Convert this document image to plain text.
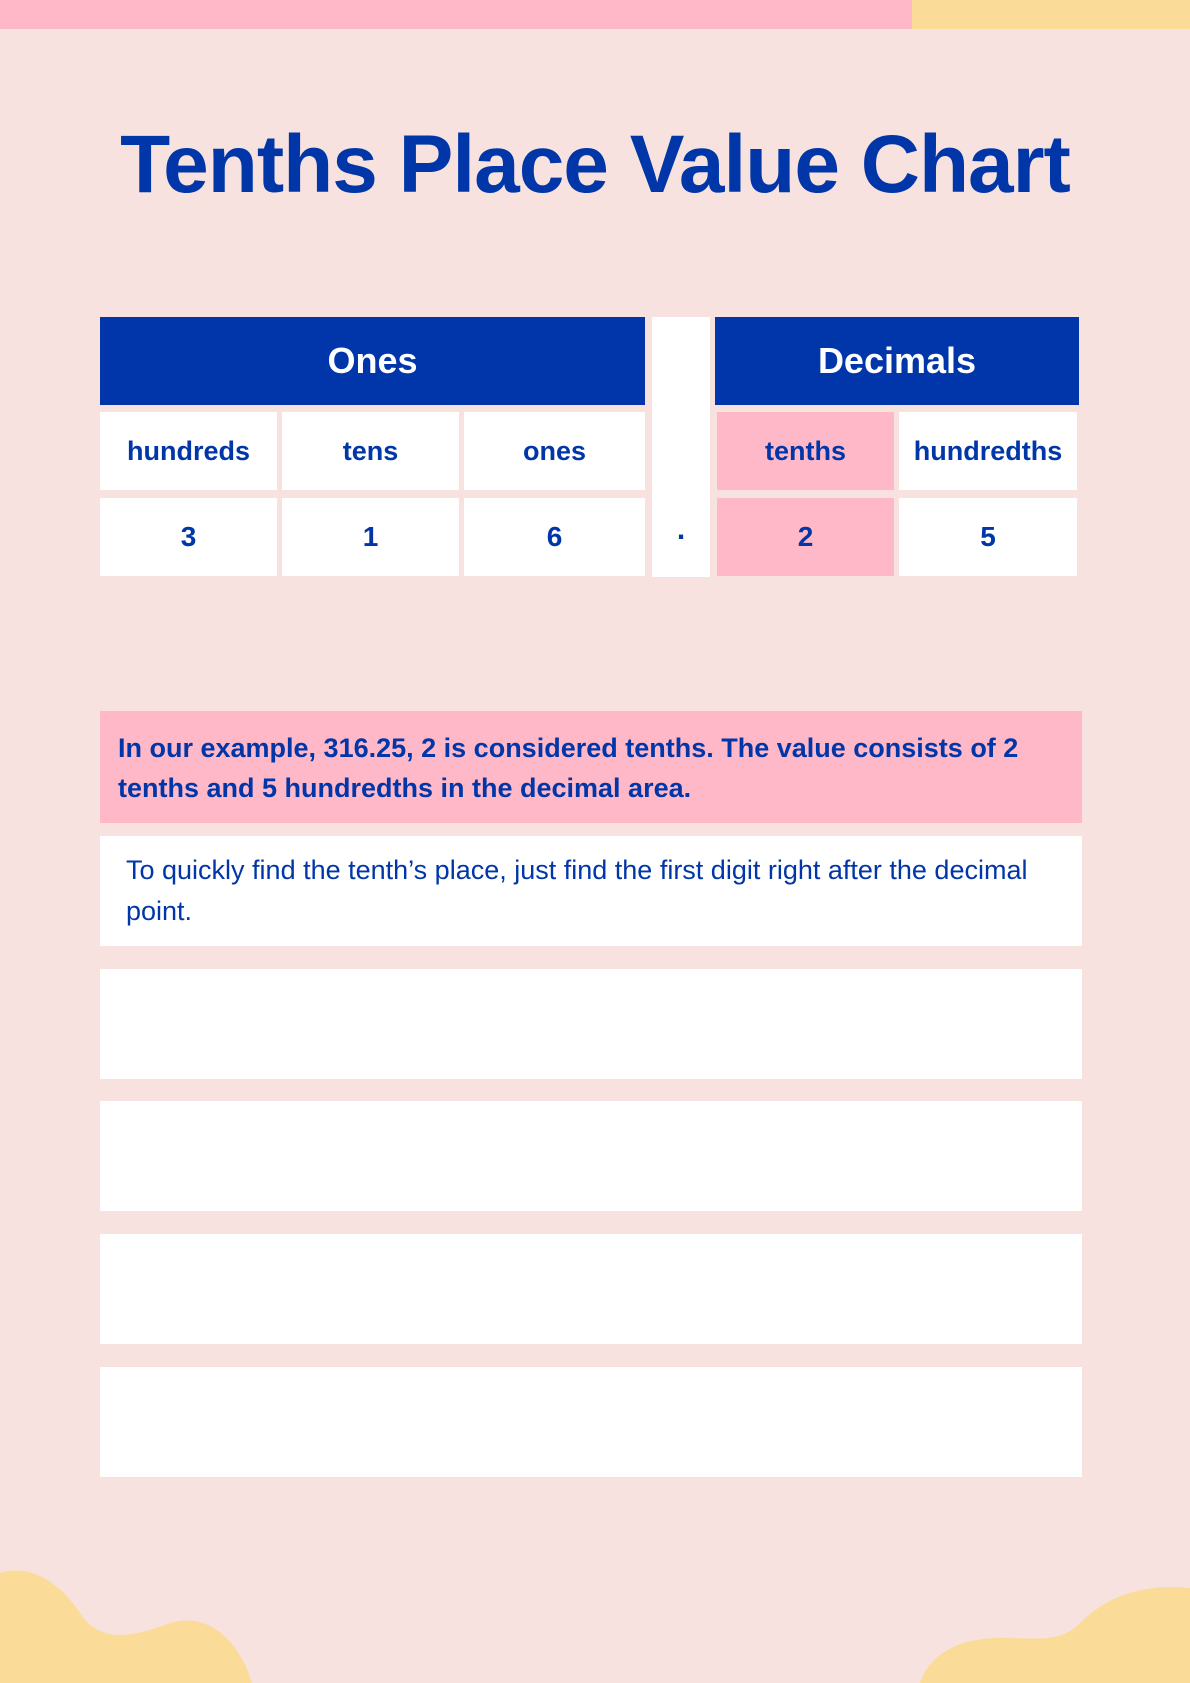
Tenths Place Value Chart
Ones	Decimals
hundreds	tens	ones	tenths	hundredths
3	1	6	2	5
.
In our example, 316.25, 2 is considered tenths. The value consists of 2 tenths and 5 hundredths in the decimal area.
To quickly find the tenth’s place, just find the first digit right after the decimal point.
